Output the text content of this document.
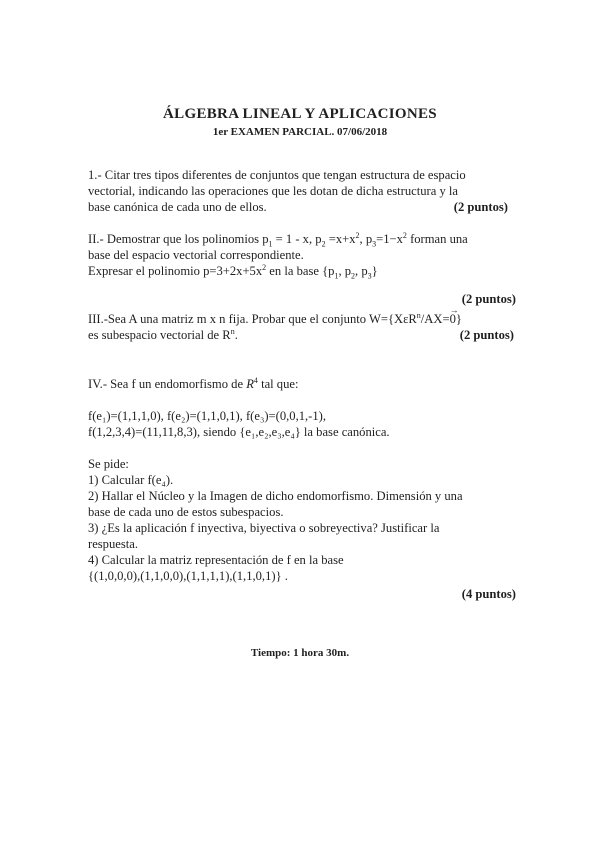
ÁLGEBRA LINEAL Y APLICACIONES
1er EXAMEN PARCIAL. 07/06/2018
1.- Citar tres tipos diferentes de conjuntos que tengan estructura de espacio
vectorial, indicando las operaciones que les dotan de dicha estructura y la
base canónica de cada uno de ellos.	(2 puntos)
II.- Demostrar que los polinomios $p_1 = 1 - x$, $p_2 =x+x^2$, $p_3=1-x^2$ forman una
base del espacio vectorial correspondiente.
Expresar el polinomio $p=3+2x+5x^2$ en la base {$p_1$, $p_2$, $p_3$}
(2 puntos)
III.-Sea A una matriz m x n fija. Probar que el conjunto W={XεR$^n$/AX=→ 0}
es subespacio vectorial de $R^n$.	(2 puntos)
IV.- Sea f un endomorfismo de $R^4$ tal que:
f(e₁)=(1,1,1,0), f(e₂)=(1,1,0,1), f(e₃)=(0,0,1,-1),
f(1,2,3,4)=(11,11,8,3), siendo {e₁,e₂,e₃,e₄} la base canónica.
Se pide:
1) Calcular f(e₄).
2) Hallar el Núcleo y la Imagen de dicho endomorfismo. Dimensión y una
base de cada uno de estos subespacios.
3) ¿Es la aplicación f inyectiva, biyectiva o sobreyectiva? Justificar la
respuesta.
4) Calcular la matriz representación de f en la base
{(1,0,0,0),(1,1,0,0),(1,1,1,1),(1,1,0,1)} .
(4 puntos)
Tiempo: 1 hora 30m.
